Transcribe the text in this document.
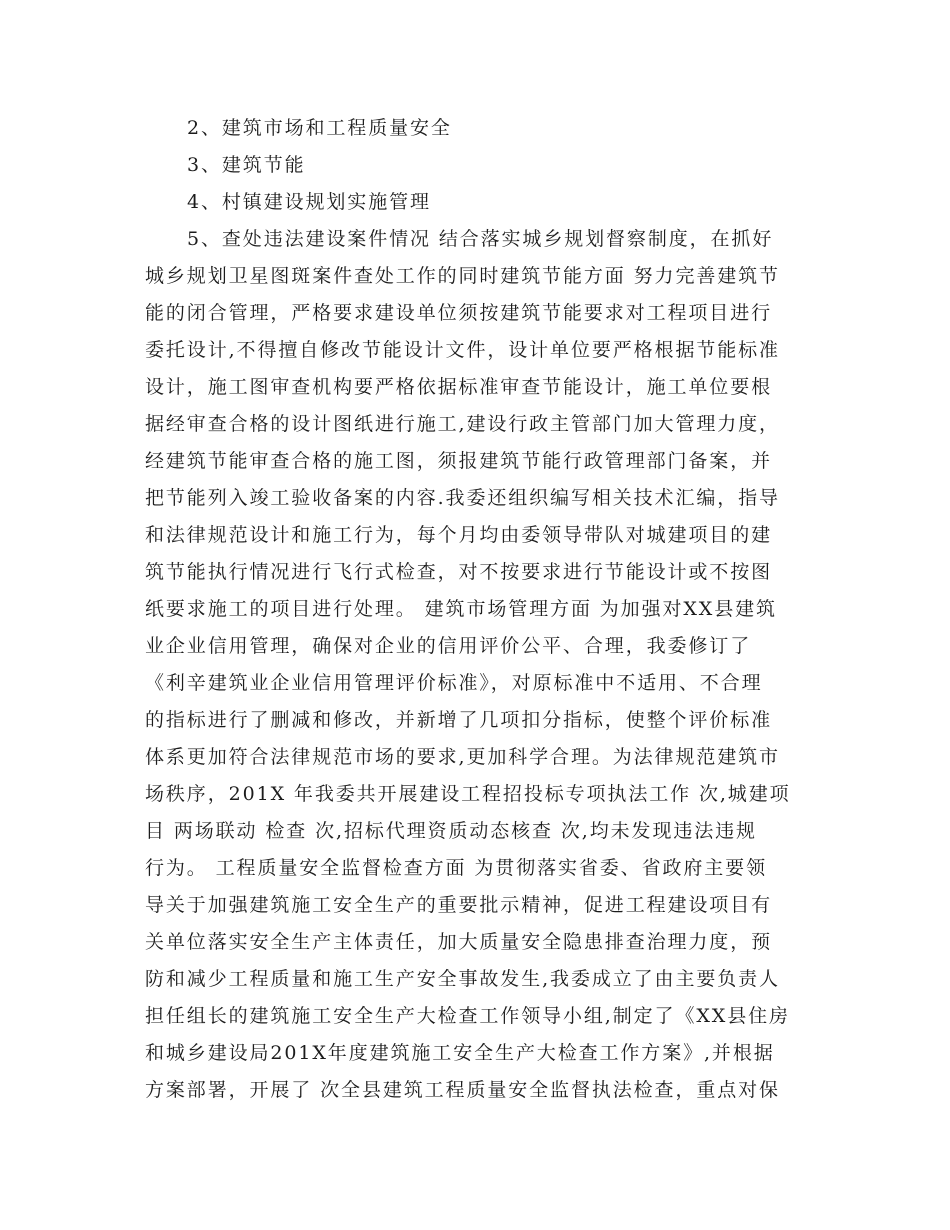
2、建筑市场和工程质量安全

3、建筑节能

4、村镇建设规划实施管理

5、查处违法建设案件情况 结合落实城乡规划督察制度，在抓好

城乡规划卫星图斑案件查处工作的同时建筑节能方面 努力完善建筑节

能的闭合管理，严格要求建设单位须按建筑节能要求对工程项目进行

委托设计,不得擅自修改节能设计文件，设计单位要严格根据节能标准

设计，施工图审查机构要严格依据标准审查节能设计，施工单位要根

据经审查合格的设计图纸进行施工,建设行政主管部门加大管理力度，

经建筑节能审查合格的施工图，须报建筑节能行政管理部门备案，并

把节能列入竣工验收备案的内容.我委还组织编写相关技术汇编，指导

和法律规范设计和施工行为，每个月均由委领导带队对城建项目的建

筑节能执行情况进行飞行式检查，对不按要求进行节能设计或不按图

纸要求施工的项目进行处理。 建筑市场管理方面 为加强对XX县建筑

业企业信用管理，确保对企业的信用评价公平、合理，我委修订了

《利辛建筑业企业信用管理评价标准》，对原标准中不适用、不合理

的指标进行了删减和修改，并新增了几项扣分指标，使整个评价标准

体系更加符合法律规范市场的要求,更加科学合理。为法律规范建筑市

场秩序，201X 年我委共开展建设工程招投标专项执法工作 次,城建项

目 两场联动 检查 次,招标代理资质动态核查 次,均未发现违法违规

行为。 工程质量安全监督检查方面 为贯彻落实省委、省政府主要领

导关于加强建筑施工安全生产的重要批示精神，促进工程建设项目有

关单位落实安全生产主体责任，加大质量安全隐患排查治理力度，预

防和减少工程质量和施工生产安全事故发生,我委成立了由主要负责人

担任组长的建筑施工安全生产大检查工作领导小组,制定了《XX县住房

和城乡建设局201X年度建筑施工安全生产大检查工作方案》,并根据

方案部署，开展了 次全县建筑工程质量安全监督执法检查，重点对保
